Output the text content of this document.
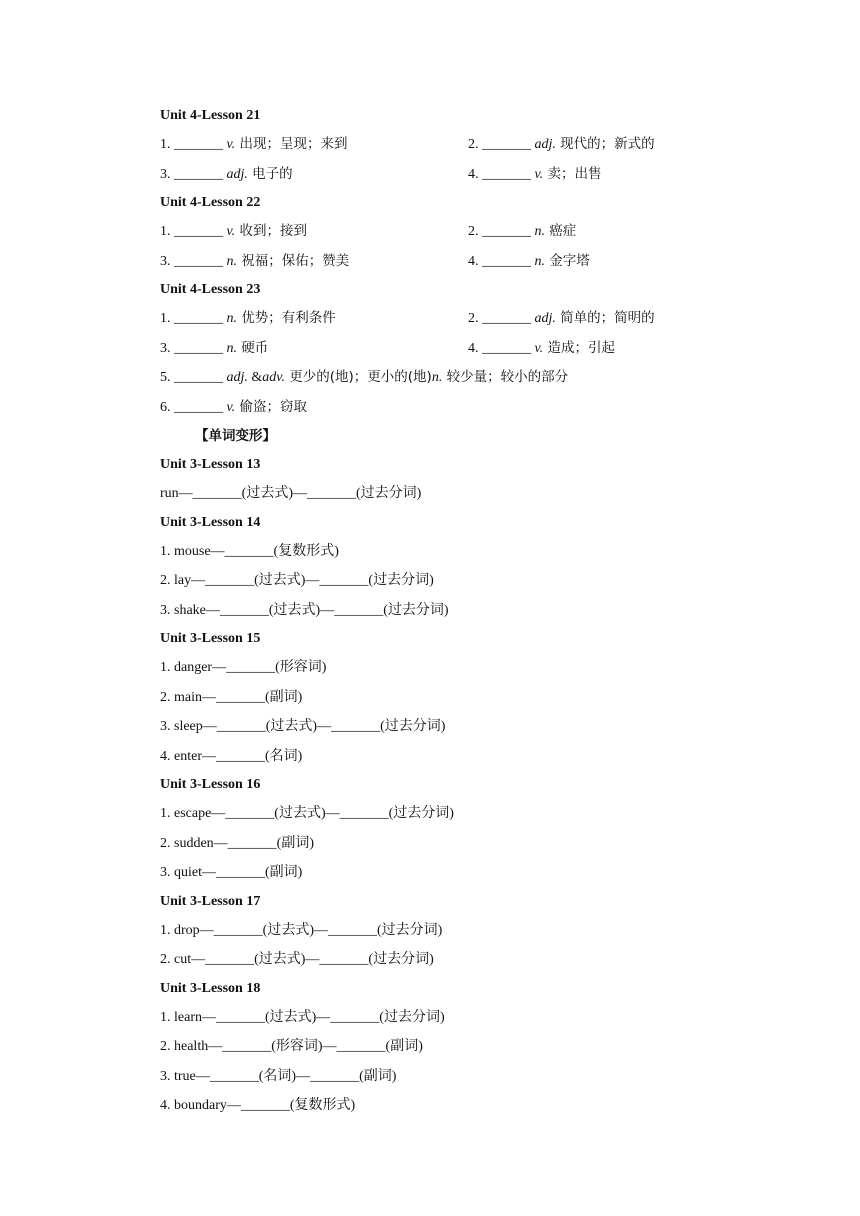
Unit 4-Lesson 21
1. _______ v. 出现；呈现；来到	2. _______ adj. 现代的；新式的
3. _______ adj. 电子的	4. _______ v. 卖；出售
Unit 4-Lesson 22
1. _______ v. 收到；接到	2. _______ n. 癌症
3. _______ n. 祝福；保佑；赞美	4. _______ n. 金字塔
Unit 4-Lesson 23
1. _______ n. 优势；有利条件	2. _______ adj. 简单的；简明的
3. _______ n. 硬币	4. _______ v. 造成；引起
5. _______ adj. &adv. 更少的(地)；更小的(地)n. 较少量；较小的部分
6. _______ v. 偷盗；窃取
【单词变形】
Unit 3-Lesson 13
run—_______(过去式)—_______(过去分词)
Unit 3-Lesson 14
1. mouse—_______(复数形式)
2. lay—_______(过去式)—_______(过去分词)
3. shake—_______(过去式)—_______(过去分词)
Unit 3-Lesson 15
1. danger—_______(形容词)
2. main—_______(副词)
3. sleep—_______(过去式)—_______(过去分词)
4. enter—_______(名词)
Unit 3-Lesson 16
1. escape—_______(过去式)—_______(过去分词)
2. sudden—_______(副词)
3. quiet—_______(副词)
Unit 3-Lesson 17
1. drop—_______(过去式)—_______(过去分词)
2. cut—_______(过去式)—_______(过去分词)
Unit 3-Lesson 18
1. learn—_______(过去式)—_______(过去分词)
2. health—_______(形容词)—_______(副词)
3. true—_______(名词)—_______(副词)
4. boundary—_______(复数形式)
